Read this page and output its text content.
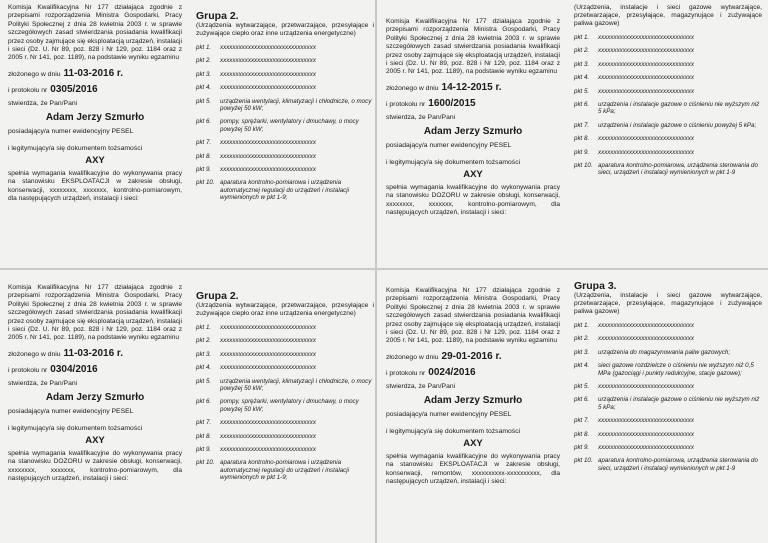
Komisja Kwalifikacyjna Nr 177 działająca zgodnie z przepisami rozporządzenia Ministra Gospodarki, Pracy Polityki Społecznej z dnia 28 kwietnia 2003 r. w sprawie szczegółowych zasad stwierdzania posiadania kwalifikacji przez osoby zajmujące się eksploatacją urządzeń, instalacji i sieci (Dz. U. Nr 89, poz. 828 i Nr 129, poz. 1184 oraz z 2005 r. Nr 141, poz. 1189), na podstawie wyniku egzaminu

złożonego w dniu 11-03-2016 r.
i protokołu nr 0305/2016
stwierdza, że Pan/Pani
Adam Jerzy Szmurło
posiadający/a numer ewidencyjny PESEL
i legitymujący/a się dokumentem tożsamości
AXY

spełnia wymagania kwalifikacyjne do wykonywania pracy na stanowisku EKSPLOATACJI w zakresie obsługi, konserwacji, xxxxxxxx, xxxxxxx, kontrolno-pomiarowym, dla następujących urządzeń, instalacji i sieci:

Komisja Kwalifikacyjna Nr 177 działająca zgodnie z przepisami rozporządzenia Ministra Gospodarki, Pracy Polityki Społecznej z dnia 28 kwietnia 2003 r. w sprawie szczegółowych zasad stwierdzania posiadania kwalifikacji przez osoby zajmujące się eksploatacją urządzeń, instalacji i sieci (Dz. U. Nr 89, poz. 828 i Nr 129, poz. 1184 oraz z 2005 r. Nr 141, poz. 1189), na podstawie wyniku egzaminu

złożonego w dniu 14-12-2015 r.
i protokołu nr 1600/2015
stwierdza, że Pan/Pani
Adam Jerzy Szmurło
posiadający/a numer ewidencyjny PESEL
i legitymujący/a się dokumentem tożsamości
AXY

spełnia wymagania kwalifikacyjne do wykonywania pracy na stanowisku DOZORU w zakresie obsługi, konserwacji, xxxxxxxx, xxxxxxx, kontrolno-pomiarowym, dla następujących urządzeń, instalacji i sieci:

Komisja Kwalifikacyjna Nr 177 działająca zgodnie z przepisami rozporządzenia Ministra Gospodarki, Pracy Polityki Społecznej z dnia 28 kwietnia 2003 r. w sprawie szczegółowych zasad stwierdzania posiadania kwalifikacji przez osoby zajmujące się eksploatacją urządzeń, instalacji i sieci (Dz. U. Nr 89, poz. 828 i Nr 129, poz. 1184 oraz z 2005 r. Nr 141, poz. 1189), na podstawie wyniku egzaminu

złożonego w dniu 11-03-2016 r.
i protokołu nr 0304/2016
stwierdza, że Pan/Pani
Adam Jerzy Szmurło
posiadający/a numer ewidencyjny PESEL
i legitymujący/a się dokumentem tożsamości
AXY

spełnia wymagania kwalifikacyjne do wykonywania pracy na stanowisku DOZORU w zakresie obsługi, konserwacji, xxxxxxxx, xxxxxxx, kontrolno-pomiarowym, dla następujących urządzeń, instalacji i sieci:

Komisja Kwalifikacyjna Nr 177 działająca zgodnie z przepisami rozporządzenia Ministra Gospodarki, Pracy Polityki Społecznej z dnia 28 kwietnia 2003 r. w sprawie szczegółowych zasad stwierdzania posiadania kwalifikacji przez osoby zajmujące się eksploatacją urządzeń, instalacji i sieci (Dz. U. Nr 89, poz. 828 i Nr 129, poz. 1184 oraz z 2005 r. Nr 141, poz. 1189), na podstawie wyniku egzaminu

złożonego w dniu 29-01-2016 r.
i protokołu nr 0024/2016
stwierdza, że Pan/Pani
Adam Jerzy Szmurło
posiadający/a numer ewidencyjny PESEL
i legitymujący/a się dokumentem tożsamości
AXY

spełnia wymagania kwalifikacyjne do wykonywania pracy na stanowisku EKSPLOATACJI w zakresie obsługi, konserwacji, remontów, xxxxxxxxxx-xxxxxxxxxx, dla następujących urządzeń, instalacji i sieci:

Grupa 2.

(Urządzenia wytwarzające, przetwarzające, przesyłające i zużywające ciepło oraz inne urządzenia energetyczne)

pkt 1.	xxxxxxxxxxxxxxxxxxxxxxxxxxxxxxx
pkt 2.	xxxxxxxxxxxxxxxxxxxxxxxxxxxxxxx
pkt 3.	xxxxxxxxxxxxxxxxxxxxxxxxxxxxxxx
pkt 4.	xxxxxxxxxxxxxxxxxxxxxxxxxxxxxxx
pkt 5.	urządzenia wentylacji, klimatyzacji i chłodnicze, o mocy powyżej 50 kW;
pkt 6.	pompy, sprężarki, wentylatory i dmuchawy, o mocy powyżej 50 kW;
pkt 7.	xxxxxxxxxxxxxxxxxxxxxxxxxxxxxxx
pkt 8.	xxxxxxxxxxxxxxxxxxxxxxxxxxxxxxx
pkt 9.	xxxxxxxxxxxxxxxxxxxxxxxxxxxxxxx
pkt 10. aparatura kontrolno-pomiarowa i urządzenia automatycznej regulacji do urządzeń i instalacji wymienionych w pkt 1-9;

(Urządzenia, instalacje i sieci gazowe wytwarzające, przetwarzające, przesyłające, magazynujące i zużywające paliwa gazowe)

pkt 1.	xxxxxxxxxxxxxxxxxxxxxxxxxxxxxxx
pkt 2.	xxxxxxxxxxxxxxxxxxxxxxxxxxxxxxx
pkt 3.	xxxxxxxxxxxxxxxxxxxxxxxxxxxxxxx
pkt 4.	xxxxxxxxxxxxxxxxxxxxxxxxxxxxxxx
pkt 5.	xxxxxxxxxxxxxxxxxxxxxxxxxxxxxxx
pkt 6.	urządzenia i instalacje gazowe o ciśnieniu nie wyższym niż 5 kPa;
pkt 7.	urządzenia i instalacje gazowe o ciśnieniu powyżej 5 kPa;
pkt 8.	xxxxxxxxxxxxxxxxxxxxxxxxxxxxxxx
pkt 9.	xxxxxxxxxxxxxxxxxxxxxxxxxxxxxxx
pkt 10. aparatura kontrolno-pomiarowa, urządzenia sterowania do sieci, urządzeń i instalacji wymienionych w pkt 1-9
Grupa 2.

(Urządzenia wytwarzające, przetwarzające, przesyłające i zużywające ciepło oraz inne urządzenia energetyczne)

pkt 1.	xxxxxxxxxxxxxxxxxxxxxxxxxxxxxxx
pkt 2.	xxxxxxxxxxxxxxxxxxxxxxxxxxxxxxx
pkt 3.	xxxxxxxxxxxxxxxxxxxxxxxxxxxxxxx
pkt 4.	xxxxxxxxxxxxxxxxxxxxxxxxxxxxxxx
pkt 5.	urządzenia wentylacji, klimatyzacji i chłodnicze, o mocy powyżej 50 kW;
pkt 6.	pompy, sprężarki, wentylatory i dmuchawy, o mocy powyżej 50 kW;
pkt 7.	xxxxxxxxxxxxxxxxxxxxxxxxxxxxxxx
pkt 8.	xxxxxxxxxxxxxxxxxxxxxxxxxxxxxxx
pkt 9.	xxxxxxxxxxxxxxxxxxxxxxxxxxxxxxx
pkt 10. aparatura kontrolno-pomiarowa i urządzenia automatycznej regulacji do urządzeń i instalacji wymienionych w pkt 1-9;
Grupa 3.

(Urządzenia, instalacje i sieci gazowe wytwarzające, przetwarzające, przesyłające, magazynujące i zużywające paliwa gazowe)

pkt 1.	xxxxxxxxxxxxxxxxxxxxxxxxxxxxxxx
pkt 2.	xxxxxxxxxxxxxxxxxxxxxxxxxxxxxxx
pkt 3.	urządzenia do magazynowania paliw gazowych;
pkt 4.	sieci gazowe rozdzielcze o ciśnieniu nie wyższym niż 0,5 MPa (gazociągi i punkty redukcyjne, stacje gazowe);
pkt 5.	xxxxxxxxxxxxxxxxxxxxxxxxxxxxxxx
pkt 6.	urządzenia i instalacje gazowe o ciśnieniu nie wyższym niż 5 kPa;
pkt 7.	xxxxxxxxxxxxxxxxxxxxxxxxxxxxxxx
pkt 8.	xxxxxxxxxxxxxxxxxxxxxxxxxxxxxxx
pkt 9.	xxxxxxxxxxxxxxxxxxxxxxxxxxxxxxx
pkt 10. aparatura kontrolno-pomiarowa, urządzenia sterowania do sieci, urządzeń i instalacji wymienionych w pkt 1-9
